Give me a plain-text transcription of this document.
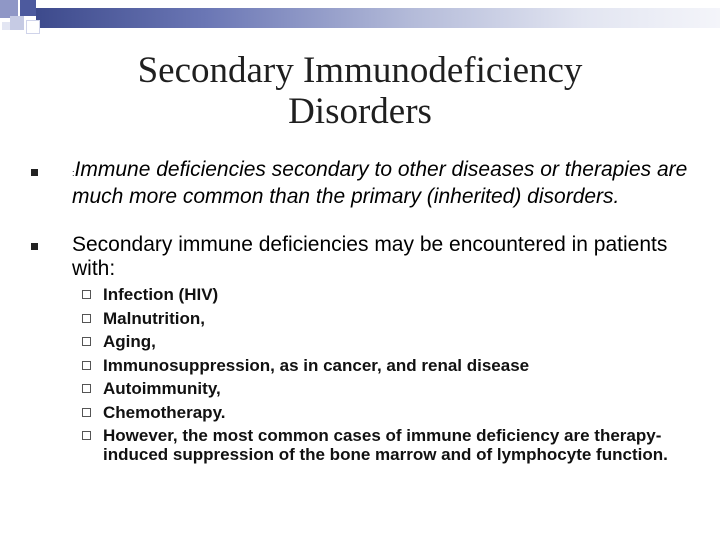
Secondary Immunodeficiency
Disorders
:Immune deficiencies secondary to other diseases or therapies are much more common than the primary (inherited) disorders.
Secondary immune deficiencies may be encountered in patients with:
Infection (HIV)
Malnutrition,
Aging,
Immunosuppression, as in cancer, and renal disease
Autoimmunity,
Chemotherapy.
However, the most common cases of immune deficiency are therapy-induced suppression of the bone marrow and of lymphocyte function.
